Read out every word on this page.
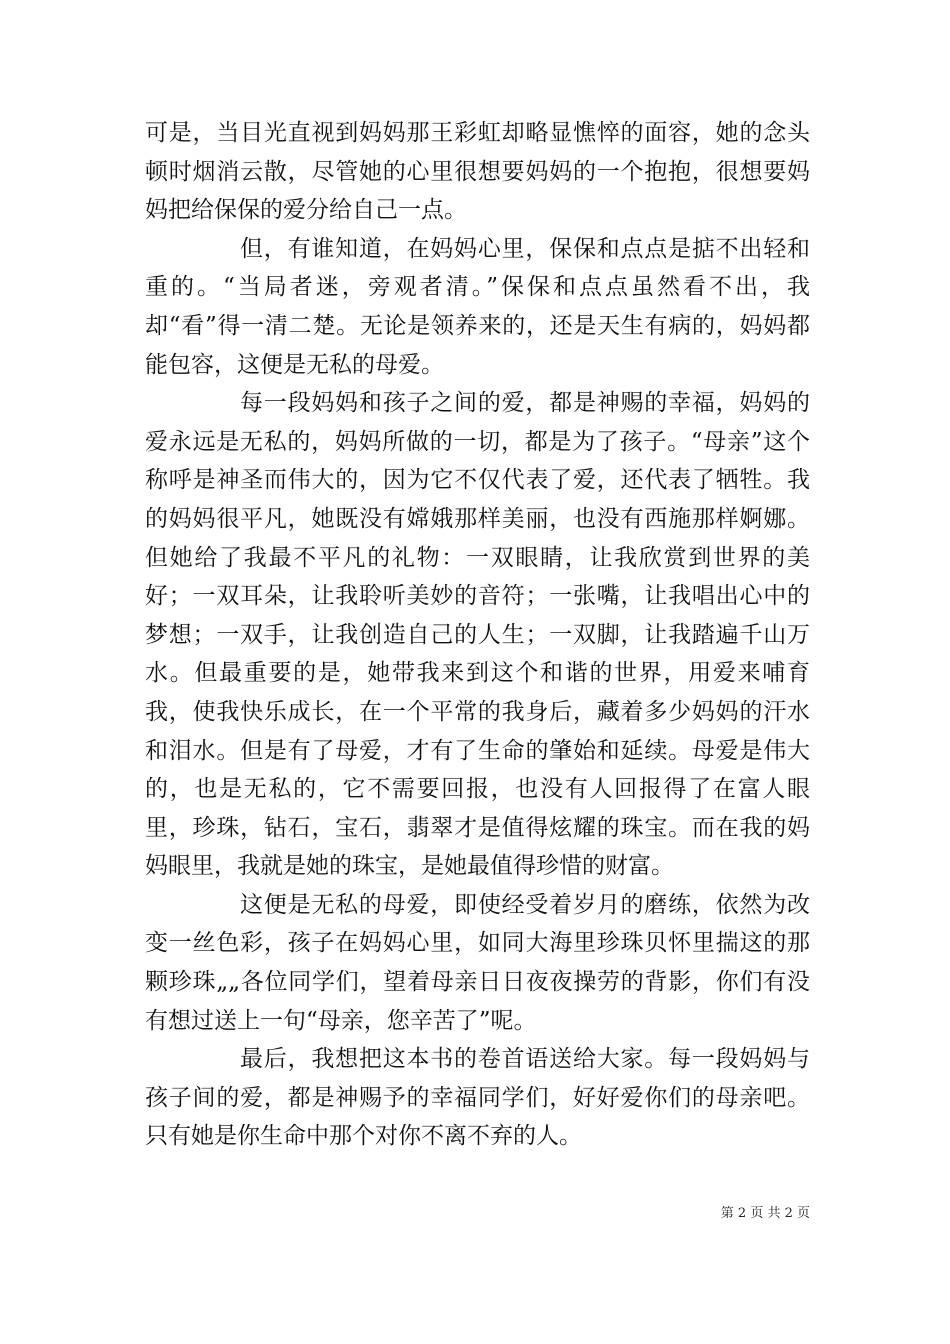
可是，当目光直视到妈妈那王彩虹却略显憔悴的面容，她的念头顿时烟消云散，尽管她的心里很想要妈妈的一个抱抱，很想要妈妈把给保保的爱分给自己一点。

但，有谁知道，在妈妈心里，保保和点点是掂不出轻和重的。“当局者迷，旁观者清。”保保和点点虽然看不出，我却“看”得一清二楚。无论是领养来的，还是天生有病的，妈妈都能包容，这便是无私的母爱。

每一段妈妈和孩子之间的爱，都是神赐的幸福，妈妈的爱永远是无私的，妈妈所做的一切，都是为了孩子。“母亲”这个称呼是神圣而伟大的，因为它不仅代表了爱，还代表了牺牲。我的妈妈很平凡，她既没有嫦娥那样美丽，也没有西施那样婀娜。但她给了我最不平凡的礼物：一双眼睛，让我欣赏到世界的美好；一双耳朵，让我聆听美妙的音符；一张嘴，让我唱出心中的梦想；一双手，让我创造自己的人生；一双脚，让我踏遍千山万水。但最重要的是，她带我来到这个和谐的世界，用爱来哺育我，使我快乐成长，在一个平常的我身后，藏着多少妈妈的汗水和泪水。但是有了母爱，才有了生命的肇始和延续。母爱是伟大的，也是无私的，它不需要回报，也没有人回报得了在富人眼里，珍珠，钻石，宝石，翡翠才是值得炫耀的珠宝。而在我的妈妈眼里，我就是她的珠宝，是她最值得珍惜的财富。

这便是无私的母爱，即使经受着岁月的磨练，依然为改变一丝色彩，孩子在妈妈心里，如同大海里珍珠贝怀里揣这的那颗珍珠„„各位同学们，望着母亲日日夜夜操劳的背影，你们有没有想过送上一句“母亲，您辛苦了”呢。

最后，我想把这本书的卷首语送给大家。每一段妈妈与孩子间的爱，都是神赐予的幸福同学们，好好爱你们的母亲吧。只有她是你生命中那个对你不离不弃的人。

第 2 页 共 2 页
